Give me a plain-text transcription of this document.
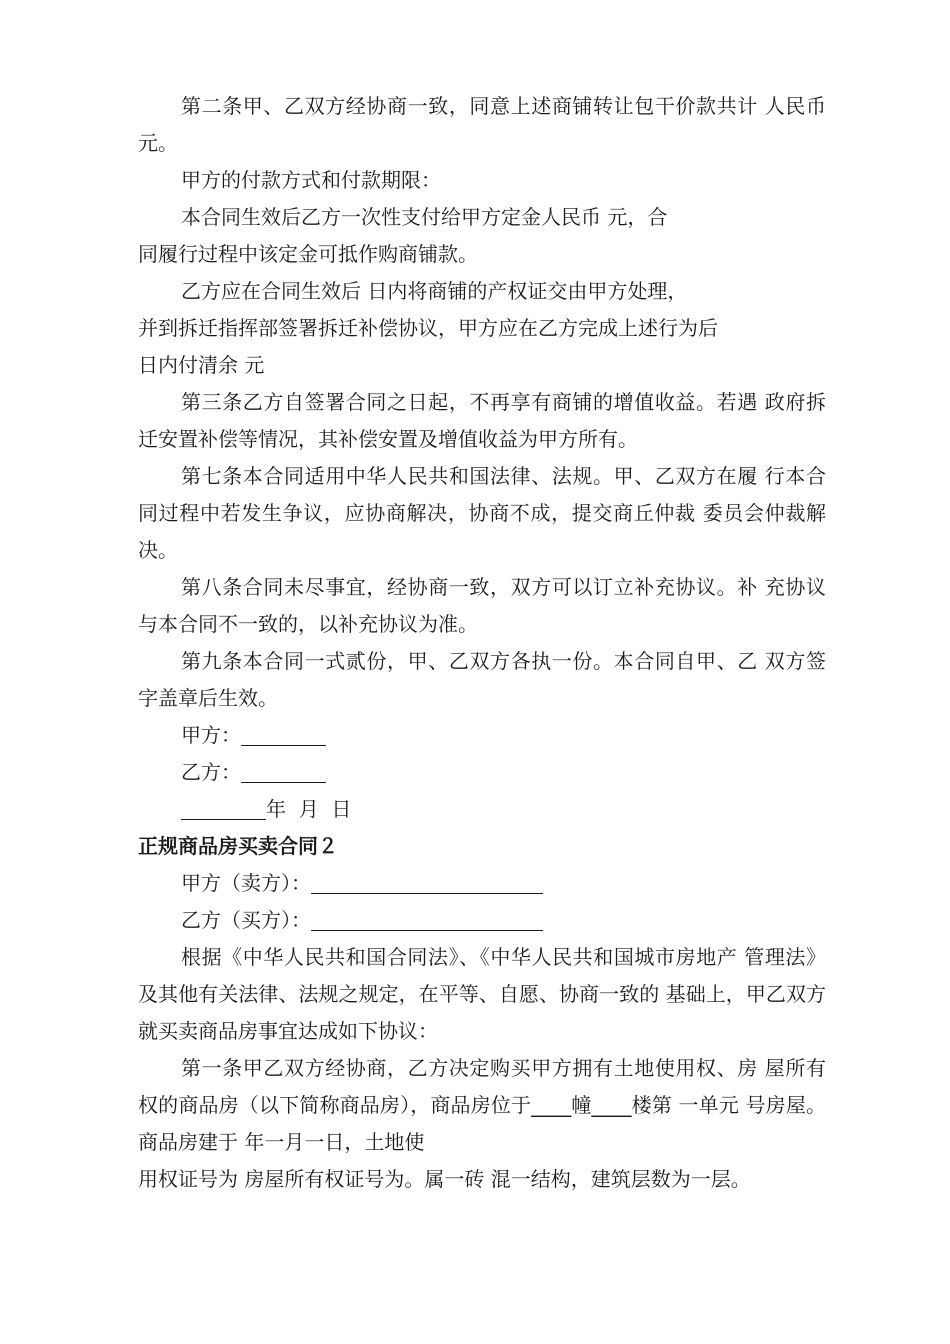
第二条甲、乙双方经协商一致，同意上述商铺转让包干价款共计 人民币 元。

甲方的付款方式和付款期限：

本合同生效后乙方一次性支付给甲方定金人民币 元，合

同履行过程中该定金可抵作购商铺款。

乙方应在合同生效后 日内将商铺的产权证交由甲方处理，

并到拆迁指挥部签署拆迁补偿协议，甲方应在乙方完成上述行为后

日内付清余 元

第三条乙方自签署合同之日起，不再享有商铺的增值收益。若遇 政府拆迁安置补偿等情况，其补偿安置及增值收益为甲方所有。

第七条本合同适用中华人民共和国法律、法规。甲、乙双方在履 行本合同过程中若发生争议，应协商解决，协商不成，提交商丘仲裁 委员会仲裁解决。

第八条合同未尽事宜，经协商一致，双方可以订立补充协议。补 充协议与本合同不一致的，以补充协议为准。

第九条本合同一式贰份，甲、乙双方各执一份。本合同自甲、乙 双方签字盖章后生效。

甲方：

乙方：

年  月  日

正规商品房买卖合同２

甲方（卖方）：

乙方（买方）：

根据《中华人民共和国合同法》、《中华人民共和国城市房地产 管理法》及其他有关法律、法规之规定，在平等、自愿、协商一致的 基础上，甲乙双方就买卖商品房事宜达成如下协议：

第一条甲乙双方经协商，乙方决定购买甲方拥有土地使用权、房 屋所有权的商品房（以下简称商品房），商品房位于____幢____楼第 一单元 号房屋。商品房建于 年一月一日，土地使

用权证号为 房屋所有权证号为。属一砖 混一结构，建筑层数为一层。
